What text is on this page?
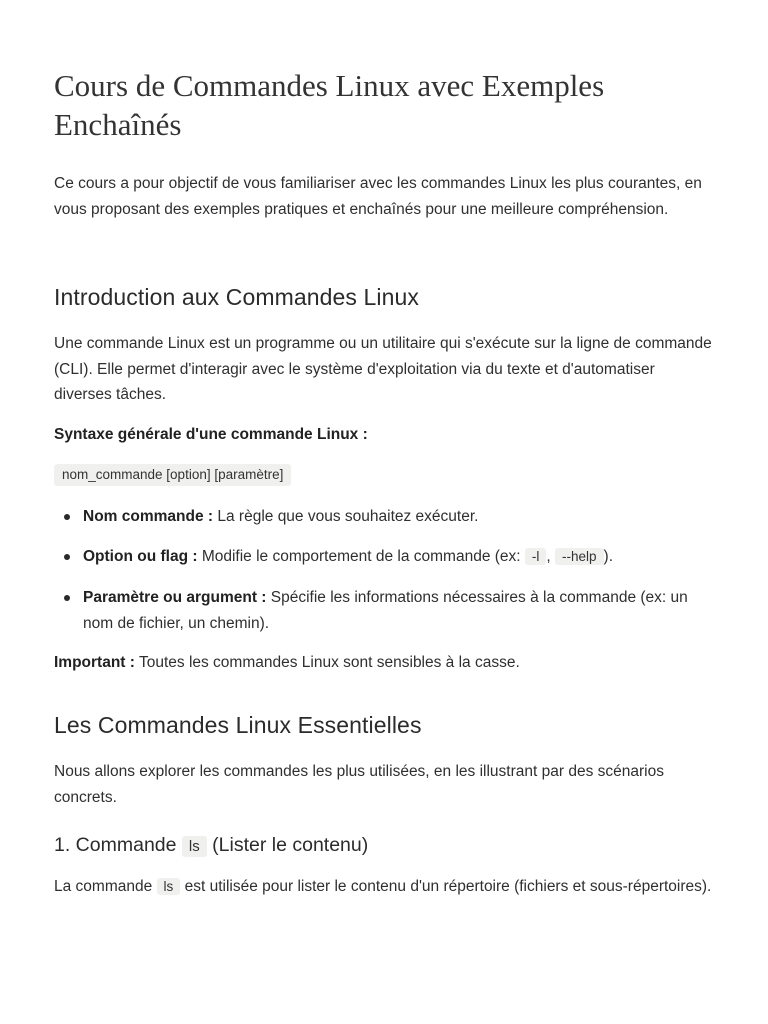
Cours de Commandes Linux avec Exemples Enchaînés

Ce cours a pour objectif de vous familiariser avec les commandes Linux les plus courantes, en vous proposant des exemples pratiques et enchaînés pour une meilleure compréhension.

Introduction aux Commandes Linux

Une commande Linux est un programme ou un utilitaire qui s'exécute sur la ligne de commande (CLI). Elle permet d'interagir avec le système d'exploitation via du texte et d'automatiser diverses tâches.

Syntaxe générale d'une commande Linux :

nom_commande [option] [paramètre]
Nom commande : La règle que vous souhaitez exécuter.
Option ou flag : Modifie le comportement de la commande (ex: -l , --help ).
Paramètre ou argument : Spécifie les informations nécessaires à la commande (ex: un nom de fichier, un chemin).

Important : Toutes les commandes Linux sont sensibles à la casse.

Les Commandes Linux Essentielles

Nous allons explorer les commandes les plus utilisées, en les illustrant par des scénarios concrets.

1. Commande ls (Lister le contenu)

La commande ls est utilisée pour lister le contenu d'un répertoire (fichiers et sous-répertoires).
